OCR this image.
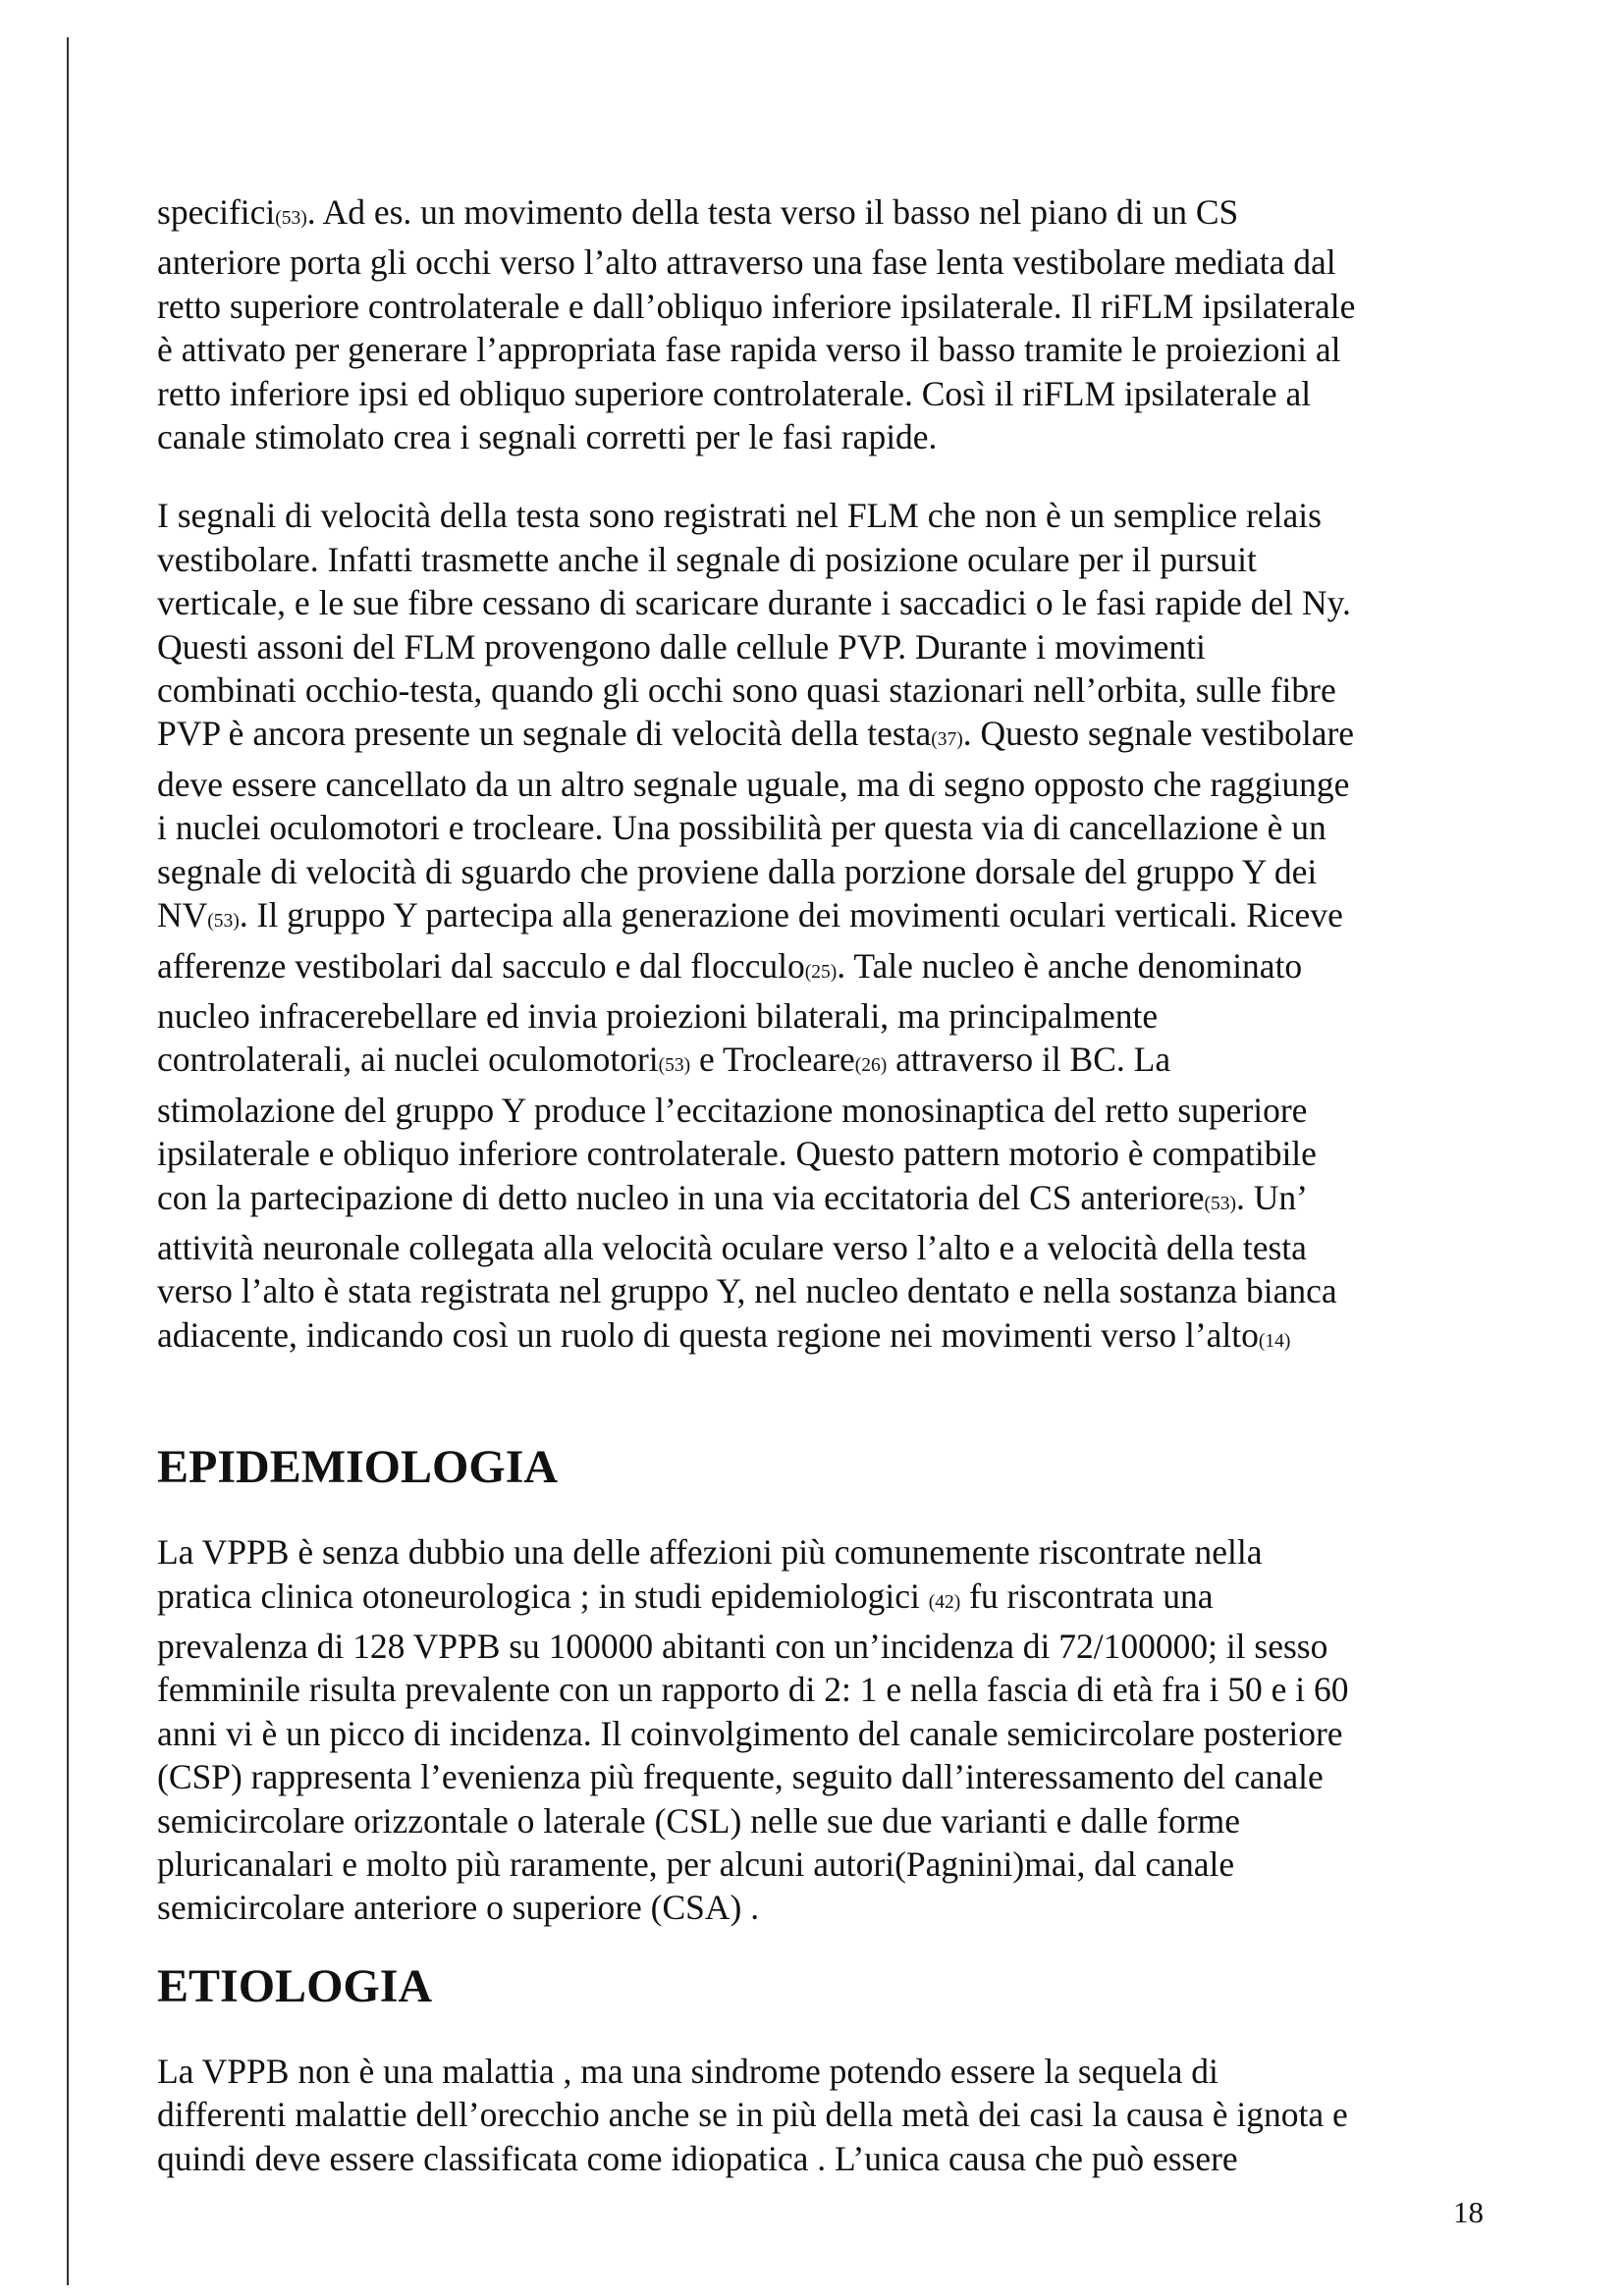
specifici(53). Ad es. un movimento della testa verso il basso nel piano di un CS
anteriore porta gli occhi verso l’alto attraverso una fase lenta vestibolare mediata dal
retto superiore controlaterale e dall’obliquo inferiore ipsilaterale. Il riFLM ipsilaterale
è attivato per generare l’appropriata fase rapida verso il basso tramite le proiezioni al
retto inferiore ipsi ed obliquo superiore controlaterale. Così il riFLM ipsilaterale al
canale stimolato crea i segnali corretti per le fasi rapide.
I segnali di velocità della testa sono registrati nel FLM che non è un semplice relais
vestibolare. Infatti trasmette anche il segnale di posizione oculare per il pursuit
verticale, e le sue fibre cessano di scaricare durante i saccadici o le fasi rapide del Ny.
Questi assoni del FLM provengono dalle cellule PVP. Durante i movimenti
combinati occhio-testa, quando gli occhi sono quasi stazionari nell’orbita, sulle fibre
PVP è ancora presente un segnale di velocità della testa(37). Questo segnale vestibolare
deve essere cancellato da un altro segnale uguale, ma di segno opposto che raggiunge
i nuclei oculomotori e trocleare. Una possibilità per questa via di cancellazione è un
segnale di velocità di sguardo che proviene dalla porzione dorsale del gruppo Y dei
NV(53). Il gruppo Y partecipa alla generazione dei movimenti oculari verticali. Riceve
afferenze vestibolari dal sacculo e dal flocculo(25). Tale nucleo è anche denominato
nucleo infracerebellare ed invia proiezioni bilaterali, ma principalmente
controlaterali, ai nuclei oculomotori(53) e Trocleare(26) attraverso il BC. La
stimolazione del gruppo Y produce l’eccitazione monosinaptica del retto superiore
ipsilaterale e obliquo inferiore controlaterale. Questo pattern motorio è compatibile
con la partecipazione di detto nucleo in una via eccitatoria del CS anteriore(53). Un’
attività neuronale collegata alla velocità oculare verso l’alto e a velocità della testa
verso l’alto è stata registrata nel gruppo Y, nel nucleo dentato e nella sostanza bianca
adiacente, indicando così un ruolo di questa regione nei movimenti verso l’alto(14)
EPIDEMIOLOGIA
La VPPB è senza dubbio una delle affezioni più comunemente riscontrate nella
pratica clinica otoneurologica ; in studi epidemiologici (42) fu riscontrata una
prevalenza di 128 VPPB su 100000 abitanti con un’incidenza di 72/100000; il sesso
femminile risulta prevalente con un rapporto di 2: 1 e nella fascia di età fra i 50 e i 60
anni vi è un picco di incidenza. Il coinvolgimento del canale semicircolare posteriore
(CSP) rappresenta l’evenienza più frequente, seguito dall’interessamento del canale
semicircolare orizzontale o laterale (CSL) nelle sue due varianti e dalle forme
pluricanalari e molto più raramente, per alcuni autori(Pagnini)mai, dal canale
semicircolare anteriore o superiore (CSA) .
ETIOLOGIA
La VPPB non è una malattia , ma una sindrome potendo essere la sequela di
differenti malattie dell’orecchio anche se in più della metà dei casi la causa è ignota e
quindi deve essere classificata come idiopatica . L’unica causa che può essere
18
